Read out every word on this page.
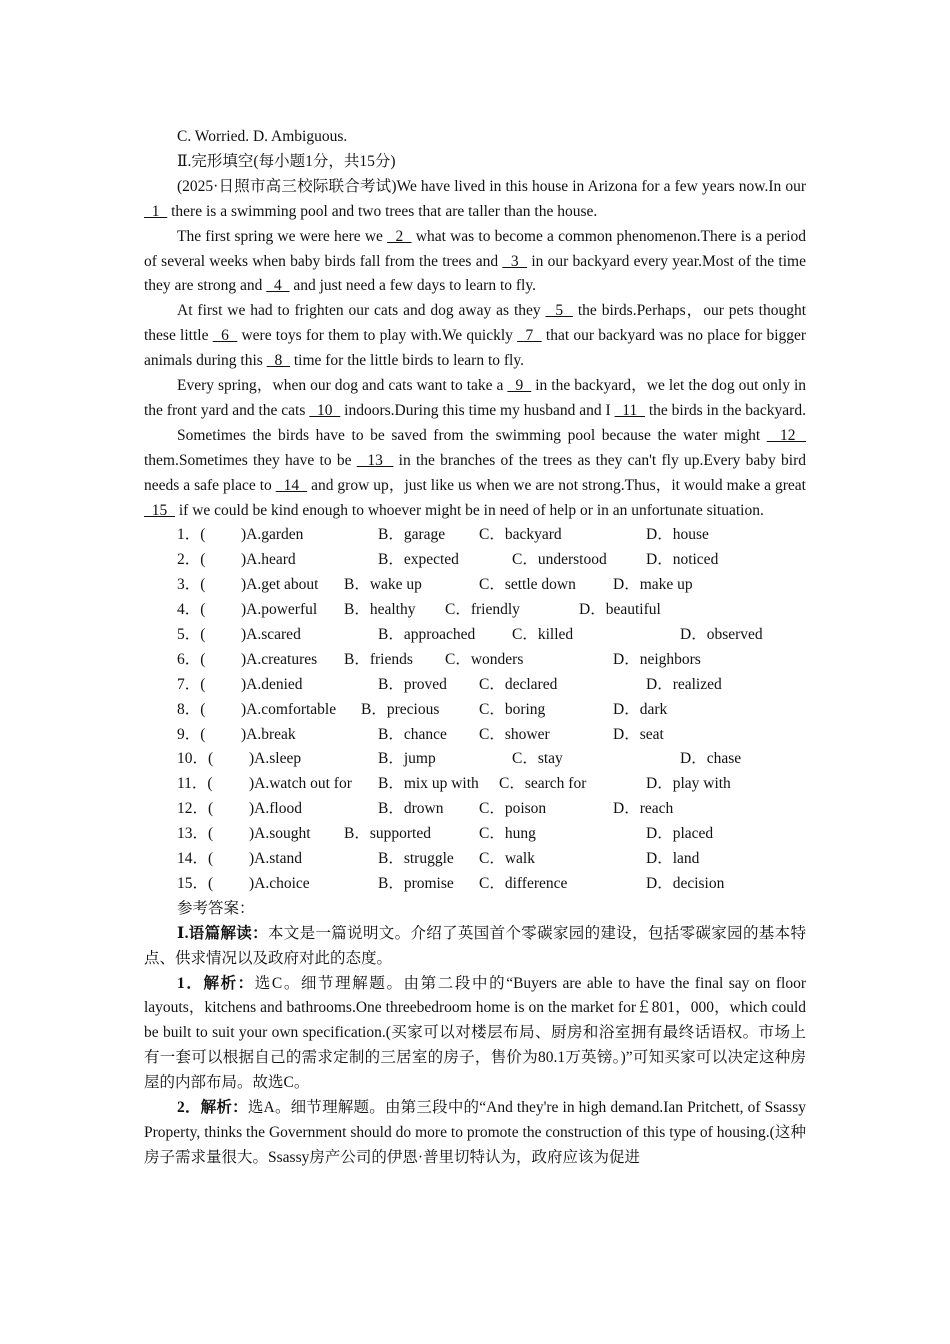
C. Worried. D. Ambiguous.
Ⅱ.完形填空(每小题1分，共15分)

(2025·日照市高三校际联合考试)We have lived in this house in Arizona for a few years now.In our   1   there is a swimming pool and two trees that are taller than the house.

The first spring we were here we   2   what was to become a common phenomenon.There is a period of several weeks when baby birds fall from the trees and   3   in our backyard every year.Most of the time they are strong and   4   and just need a few days to learn to fly.

At first we had to frighten our cats and dog away as they   5   the birds.Perhaps，our pets thought these little   6   were toys for them to play with.We quickly   7   that our backyard was no place for bigger animals during this   8   time for the little birds to learn to fly.

Every spring，when our dog and cats want to take a   9   in the backyard，we let the dog out only in the front yard and the cats   10   indoors.During this time my husband and I   11   the birds in the backyard.

Sometimes the birds have to be saved from the swimming pool because the water might   12   them.Sometimes they have to be   13   in the branches of the trees as they can't fly up.Every baby bird needs a safe place to   14   and grow up，just like us when we are not strong.Thus，it would make a great   15   if we could be kind enough to whoever might be in need of help or in an unfortunate situation.

1．( )A.garden	B．garage C．backyard	D．house
2．( )A.heard	B．expected	C．understood	D．noticed
3．( )A.get about B．wake up	C．settle down D．make up
4．( )A.powerful B．healthy C．friendly	D．beautiful
5．( )A.scared	B．approached C．killed	D．observed
6．( )A.creatures B．friends C．wonders	D．neighbors
7．( )A.denied	B．proved C．declared	D．realized
8．( )A.comfortable B．precious	C．boring	D．dark
9．( )A.break	B．chance C．shower	D．seat
10．( )A.sleep	B．jump	C．stay	D．chase
11．( )A.watch out for B．mix up with C．search for	D．play with
12．( )A.flood	B．drown C．poison	D．reach
13．( )A.sought B．supported	C．hung	D．placed
14．( )A.stand	B．struggle C．walk	D．land
15．( )A.choice	B．promise C．difference	D．decision
参考答案：

Ⅰ.语篇解读：本文是一篇说明文。介绍了英国首个零碳家园的建设，包括零碳家园的基本特点、供求情况以及政府对此的态度。

1．解析：选C。细节理解题。由第二段中的“Buyers are able to have the final say on floor layouts，kitchens and bathrooms.One threebedroom home is on the market for￡801，000，which could be built to suit your own specification.(买家可以对楼层布局、厨房和浴室拥有最终话语权。市场上有一套可以根据自己的需求定制的三居室的房子，售价为80.1万英镑。)”可知买家可以决定这种房屋的内部布局。故选C。

2．解析：选A。细节理解题。由第三段中的“And they're in high demand.Ian Pritchett, of Ssassy Property, thinks the Government should do more to promote the construction of this type of housing.(这种房子需求量很大。Ssassy房产公司的伊恩·普里切特认为，政府应该为促进
